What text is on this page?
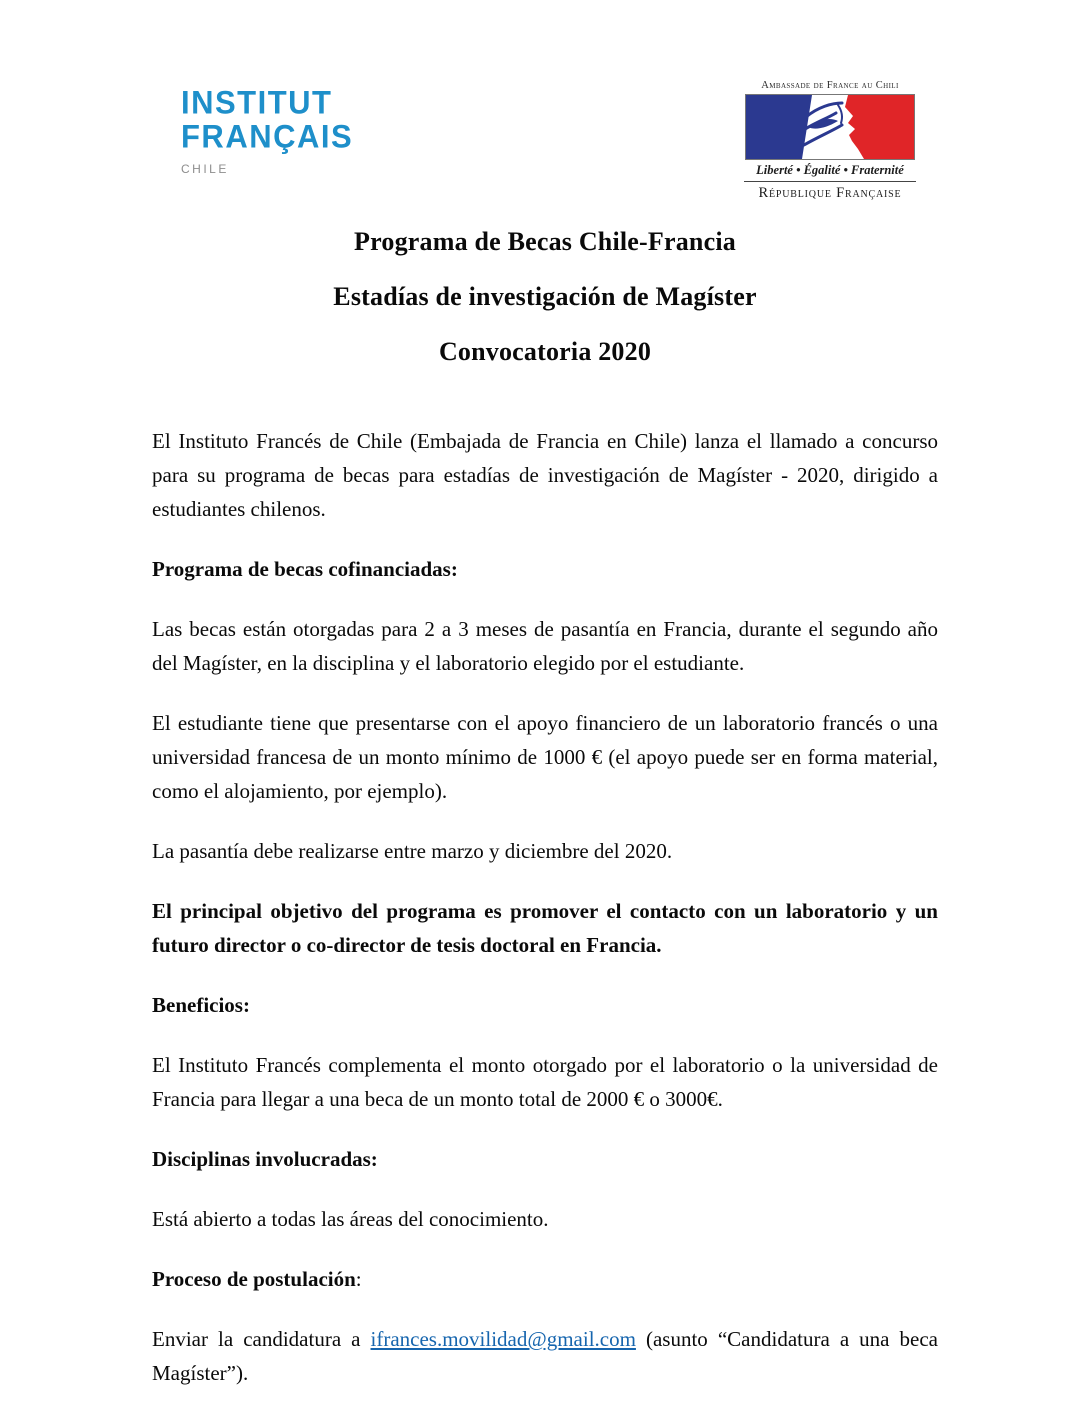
INSTITUT
FRANÇAIS
CHILE
Ambassade de France au Chili
Liberté • Égalité • Fraternité
République Française
Programa de Becas Chile-Francia
Estadías de investigación de Magíster
Convocatoria 2020

El Instituto Francés de Chile (Embajada de Francia en Chile) lanza el llamado a concurso para su programa de becas para estadías de investigación de Magíster - 2020, dirigido a estudiantes chilenos.

Programa de becas cofinanciadas:

Las becas están otorgadas para 2 a 3 meses de pasantía en Francia, durante el segundo año del Magíster, en la disciplina y el laboratorio elegido por el estudiante.

El estudiante tiene que presentarse con el apoyo financiero de un laboratorio francés o una universidad francesa de un monto mínimo de 1000 € (el apoyo puede ser en forma material, como el alojamiento, por ejemplo).

La pasantía debe realizarse entre marzo y diciembre del 2020.

El principal objetivo del programa es promover el contacto con un laboratorio y un futuro director o co-director de tesis doctoral en Francia.

Beneficios:

El Instituto Francés complementa el monto otorgado por el laboratorio o la universidad de Francia para llegar a una beca de un monto total de 2000 € o 3000€.

Disciplinas involucradas:

Está abierto a todas las áreas del conocimiento.

Proceso de postulación:

Enviar la candidatura a ifrances.movilidad@gmail.com (asunto “Candidatura a una beca Magíster”).
